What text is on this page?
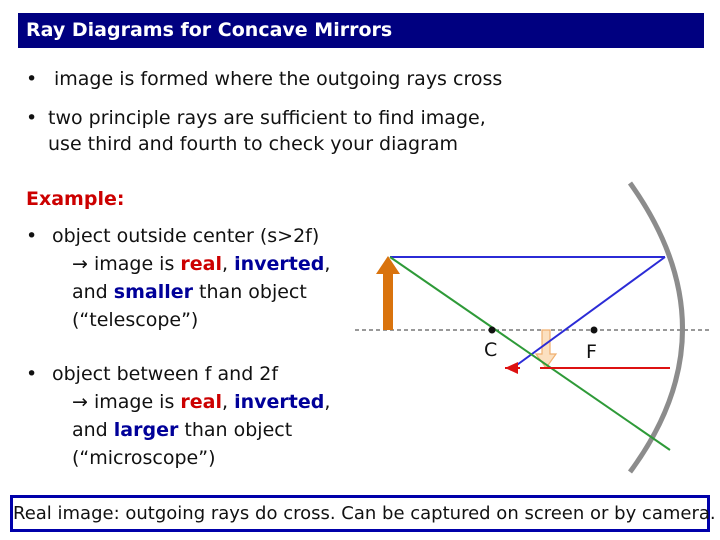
Ray Diagrams for Concave Mirrors
• image is formed where the outgoing rays cross
• two principle rays are sufficient to find image,
use third and fourth to check your diagram
Example:
• object outside center (s>2f)
→ image is real, inverted,
and smaller than object
(“telescope”)
• object between f and 2f
→ image is real, inverted,
and larger than object
(“microscope”)
C	F
Real image: outgoing rays do cross. Can be captured on screen or by camera.
